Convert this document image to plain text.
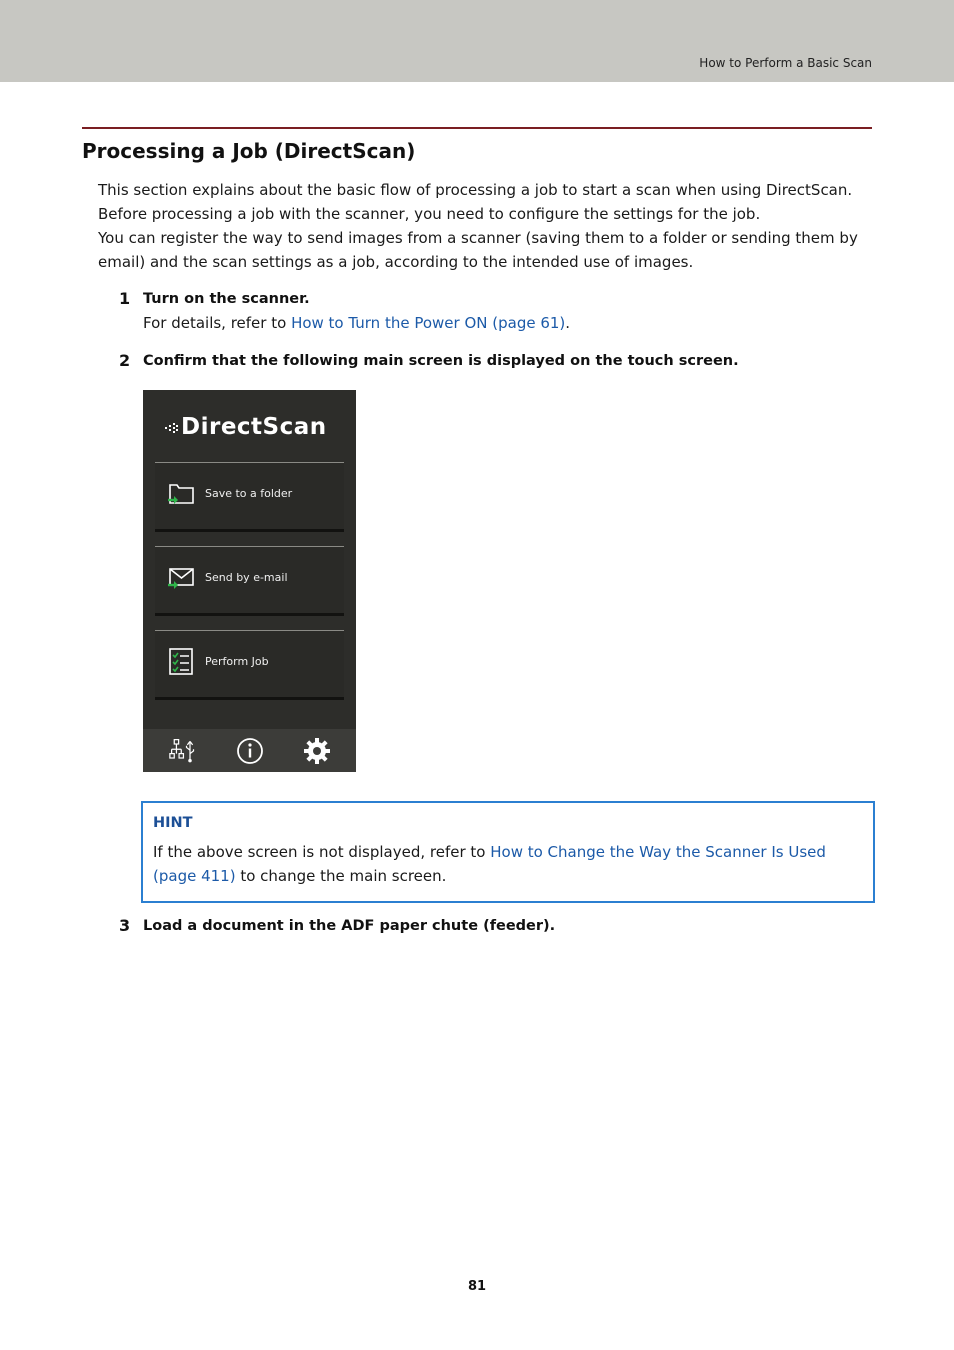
How to Perform a Basic Scan
Processing a Job (DirectScan)

This section explains about the basic flow of processing a job to start a scan when using DirectScan.

Before processing a job with the scanner, you need to configure the settings for the job.

You can register the way to send images from a scanner (saving them to a folder or sending them by email) and the scan settings as a job, according to the intended use of images.

1 Turn on the scanner.
For details, refer to How to Turn the Power ON (page 61).
2 Confirm that the following main screen is displayed on the touch screen.
DirectScan
Save to a folder
Send by e-mail
Perform Job
HINT
If the above screen is not displayed, refer to How to Change the Way the Scanner Is Used (page 411) to change the main screen.
3 Load a document in the ADF paper chute (feeder).
81
